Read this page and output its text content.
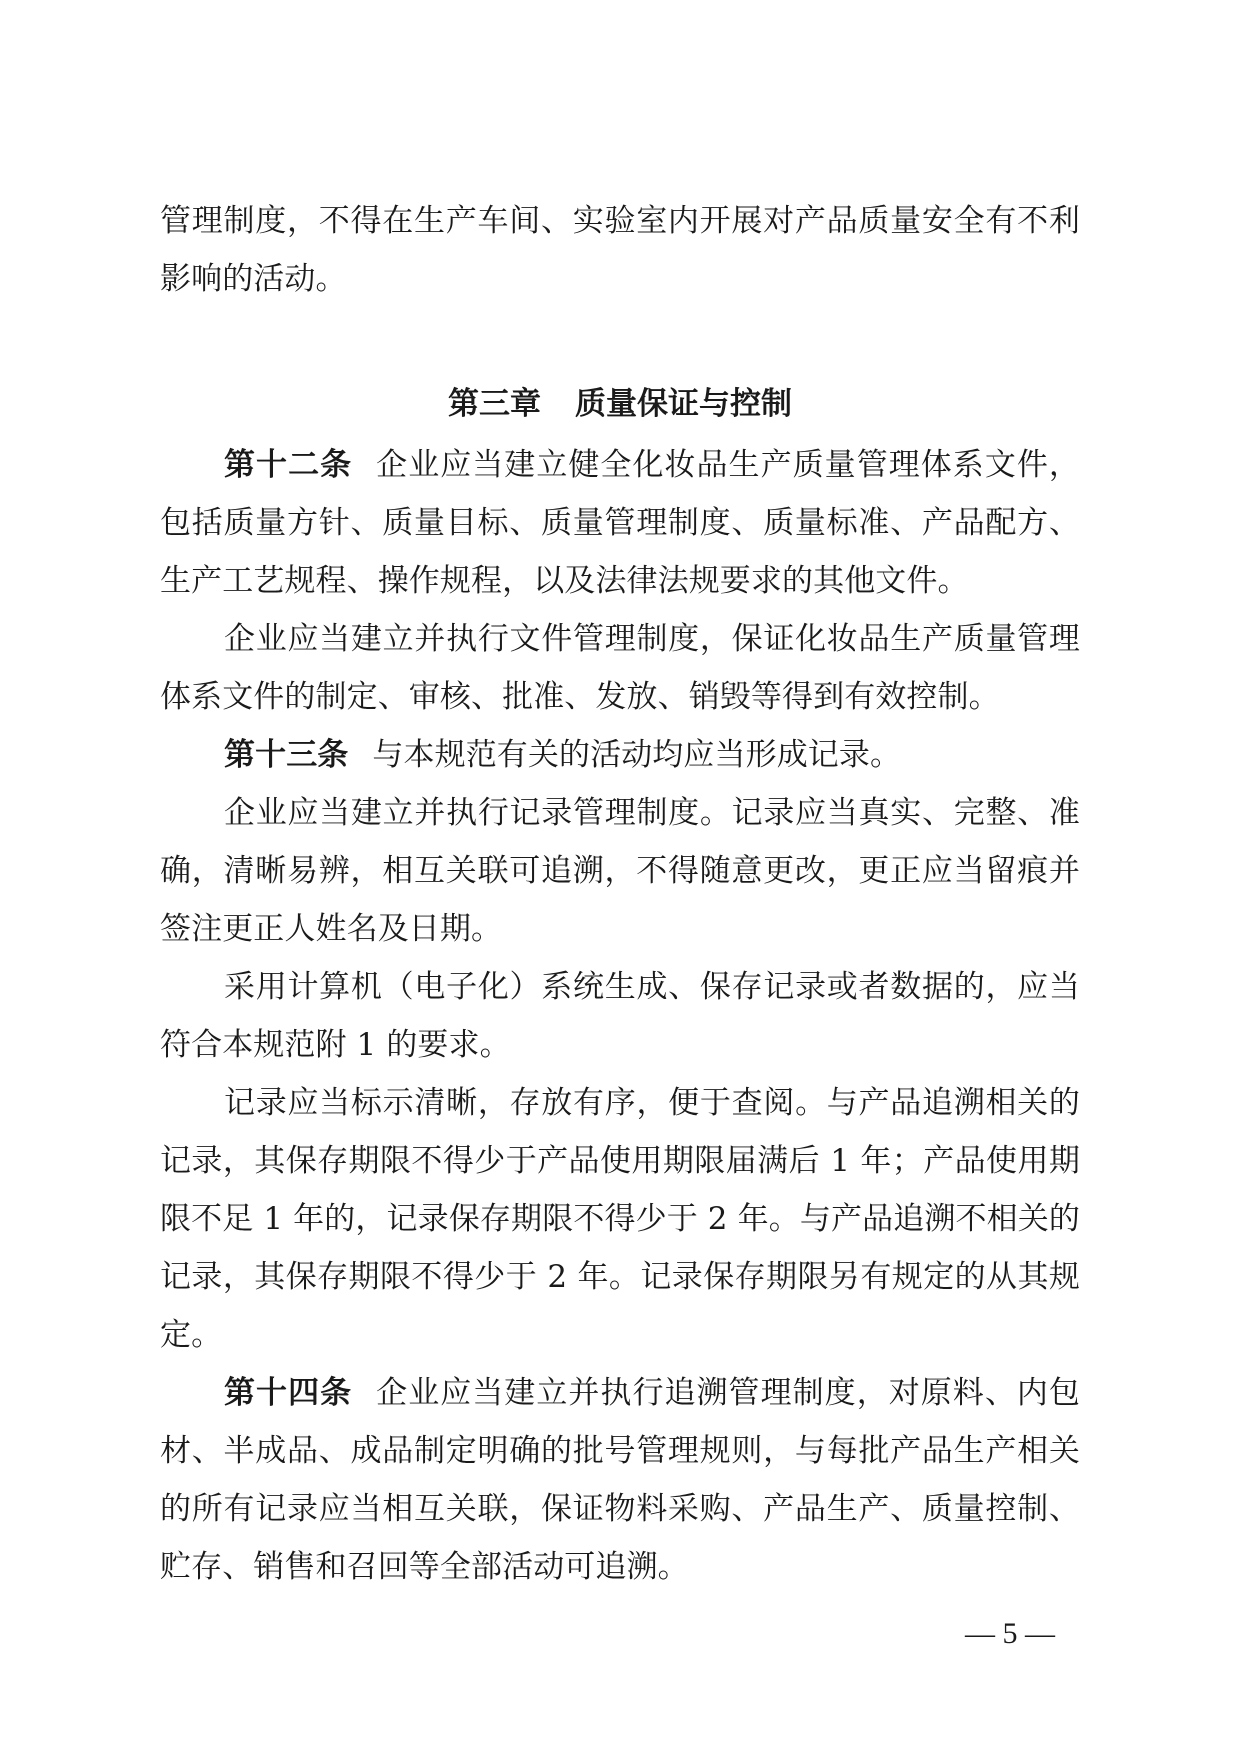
管理制度，不得在生产车间、实验室内开展对产品质量安全有不利影响的活动。

第三章 质量保证与控制

第十二条 企业应当建立健全化妆品生产质量管理体系文件，包括质量方针、质量目标、质量管理制度、质量标准、产品配方、生产工艺规程、操作规程，以及法律法规要求的其他文件。

企业应当建立并执行文件管理制度，保证化妆品生产质量管理体系文件的制定、审核、批准、发放、销毁等得到有效控制。

第十三条 与本规范有关的活动均应当形成记录。

企业应当建立并执行记录管理制度。记录应当真实、完整、准确，清晰易辨，相互关联可追溯，不得随意更改，更正应当留痕并签注更正人姓名及日期。

采用计算机（电子化）系统生成、保存记录或者数据的，应当符合本规范附 1 的要求。

记录应当标示清晰，存放有序，便于查阅。与产品追溯相关的记录，其保存期限不得少于产品使用期限届满后 1 年；产品使用期限不足 1 年的，记录保存期限不得少于 2 年。与产品追溯不相关的记录，其保存期限不得少于 2 年。记录保存期限另有规定的从其规定。

第十四条 企业应当建立并执行追溯管理制度，对原料、内包材、半成品、成品制定明确的批号管理规则，与每批产品生产相关的所有记录应当相互关联，保证物料采购、产品生产、质量控制、贮存、销售和召回等全部活动可追溯。

— 5 —
